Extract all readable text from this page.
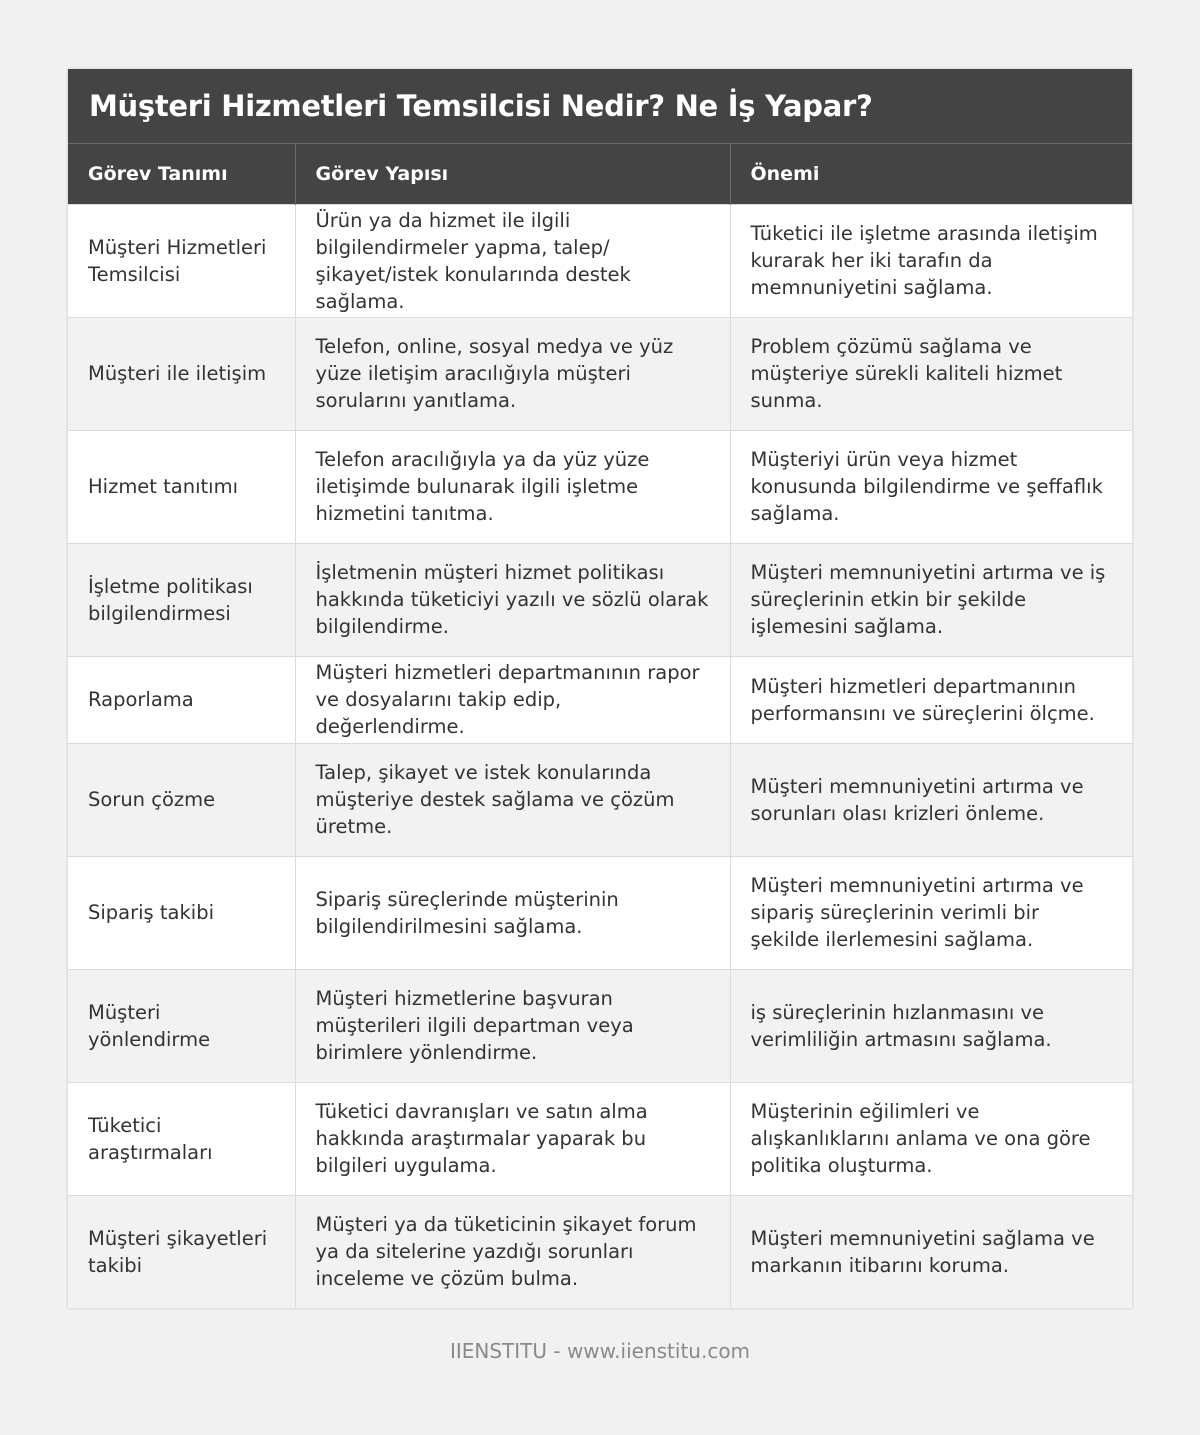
Müşteri Hizmetleri Temsilcisi Nedir? Ne İş Yapar?
Görev Tanımı	Görev Yapısı	Önemi
Müşteri Hizmetleri Temsilcisi	Ürün ya da hizmet ile ilgili bilgilendirmeler yapma, talep/ şikayet/istek konularında destek sağlama.	Tüketici ile işletme arasında iletişim kurarak her iki tarafın da memnuniyetini sağlama.
Müşteri ile iletişim	Telefon, online, sosyal medya ve yüz yüze iletişim aracılığıyla müşteri sorularını yanıtlama.	Problem çözümü sağlama ve müşteriye sürekli kaliteli hizmet sunma.
Hizmet tanıtımı	Telefon aracılığıyla ya da yüz yüze iletişimde bulunarak ilgili işletme hizmetini tanıtma.	Müşteriyi ürün veya hizmet konusunda bilgilendirme ve şeffaflık sağlama.
İşletme politikası bilgilendirmesi	İşletmenin müşteri hizmet politikası hakkında tüketiciyi yazılı ve sözlü olarak bilgilendirme.	Müşteri memnuniyetini artırma ve iş süreçlerinin etkin bir şekilde işlemesini sağlama.
Raporlama	Müşteri hizmetleri departmanının rapor ve dosyalarını takip edip, değerlendirme.	Müşteri hizmetleri departmanının performansını ve süreçlerini ölçme.
Sorun çözme	Talep, şikayet ve istek konularında müşteriye destek sağlama ve çözüm üretme.	Müşteri memnuniyetini artırma ve sorunları olası krizleri önleme.
Sipariş takibi	Sipariş süreçlerinde müşterinin bilgilendirilmesini sağlama.	Müşteri memnuniyetini artırma ve sipariş süreçlerinin verimli bir şekilde ilerlemesini sağlama.
Müşteri yönlendirme	Müşteri hizmetlerine başvuran müşterileri ilgili departman veya birimlere yönlendirme.	iş süreçlerinin hızlanmasını ve verimliliğin artmasını sağlama.
Tüketici araştırmaları	Tüketici davranışları ve satın alma hakkında araştırmalar yaparak bu bilgileri uygulama.	Müşterinin eğilimleri ve alışkanlıklarını anlama ve ona göre politika oluşturma.
Müşteri şikayetleri takibi	Müşteri ya da tüketicinin şikayet forum ya da sitelerine yazdığı sorunları inceleme ve çözüm bulma.	Müşteri memnuniyetini sağlama ve markanın itibarını koruma.
IIENSTITU - www.iienstitu.com
